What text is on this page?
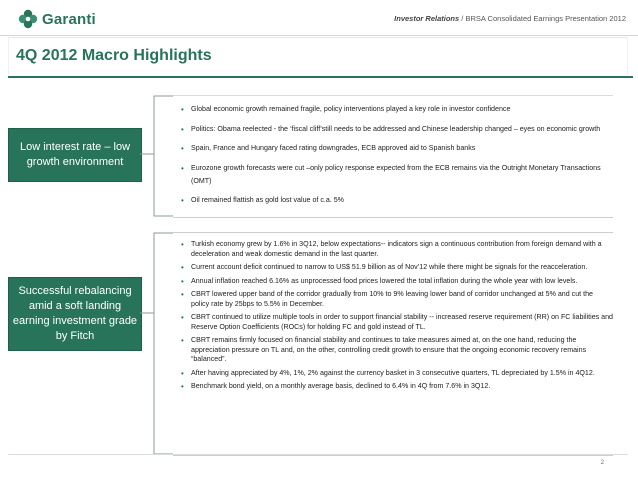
Garanti	Investor Relations / BRSA Consolidated Earnings Presentation 2012
4Q 2012 Macro Highlights
Low interest rate – low growth environment
• Global economic growth remained fragile, policy interventions played a key role in investor confidence
• Politics: Obama reelected - the ‘fiscal cliff’still needs to be addressed and Chinese leadership changed – eyes on economic growth
• Spain, France and Hungary faced rating downgrades, ECB approved aid to Spanish banks
• Eurozone growth forecasts were cut –only policy response expected from the ECB remains via the Outright Monetary Transactions (OMT)
• Oil remained flattish as gold lost value of c.a. 5%
Successful rebalancing amid a soft landing earning investment grade by Fitch
• Turkish economy grew by 1.6% in 3Q12, below expectations-- indicators sign a continuous contribution from foreign demand with a deceleration and weak domestic demand in the last quarter.
• Current account deficit continued to narrow to US$ 51.9 billion as of Nov’12 while there might be signals for the reacceleration.
• Annual inflation reached 6.16% as unprocessed food prices lowered the total inflation during the whole year with low levels.
• CBRT lowered upper band of the corridor gradually from 10% to 9% leaving lower band of corridor unchanged at 5% and cut the policy rate by 25bps to 5.5% in December.
• CBRT continued to utilize multiple tools in order to support financial stability -- increased reserve requirement (RR) on FC liabilities and Reserve Option Coefficients (ROCs) for holding FC and gold instead of TL.
• CBRT remains firmly focused on financial stability and continues to take measures aimed at, on the one hand, reducing the appreciation pressure on TL and, on the other, controlling credit growth to ensure that the ongoing economic recovery remains “balanced”.
• After having appreciated by 4%, 1%, 2% against the currency basket in 3 consecutive quarters, TL depreciated by 1.5% in 4Q12.
• Benchmark bond yield, on a monthly average basis, declined to 6.4% in 4Q from 7.6% in 3Q12.
2
